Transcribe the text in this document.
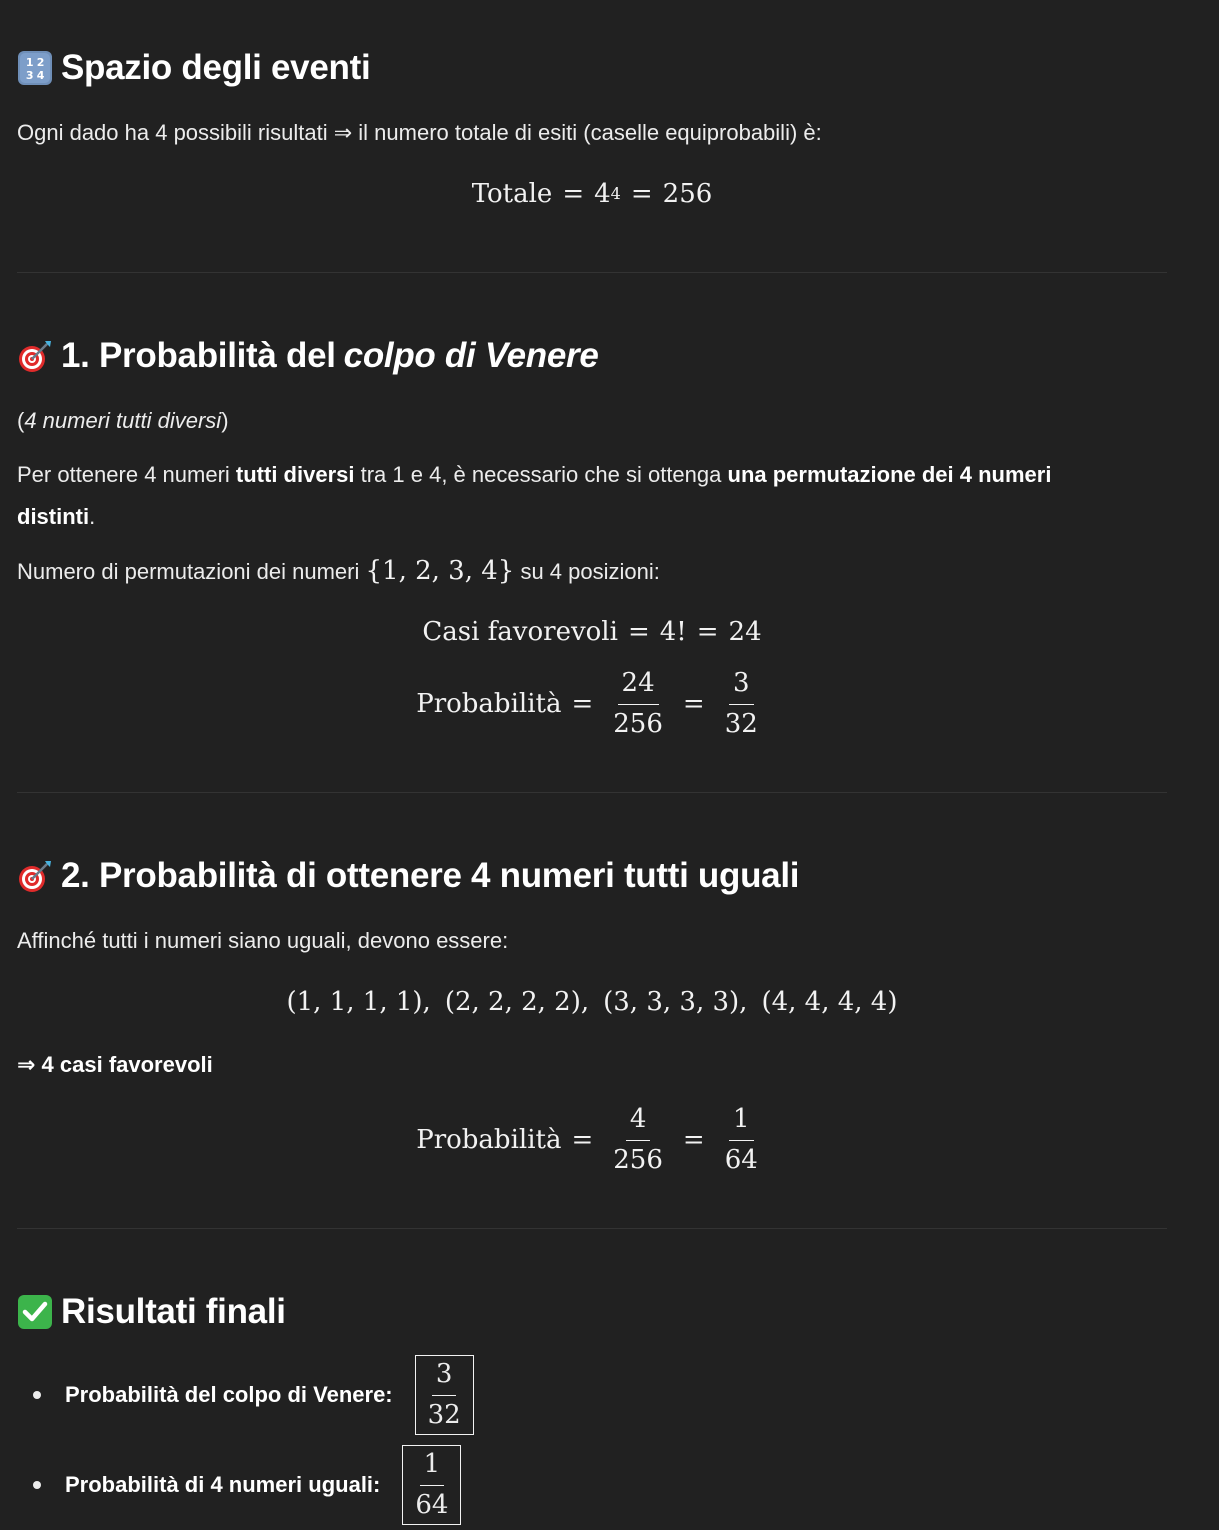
1 2
3 4 Spazio degli eventi

Ogni dado ha 4 possibili risultati ⇒ il numero totale di esiti (caselle equiprobabili) è:

Totale = 4 4 = 256
1. Probabilità del colpo di Venere

(4 numeri tutti diversi)

Per ottenere 4 numeri tutti diversi tra 1 e 4, è necessario che si ottenga una permutazione dei 4 numeri
distinti.

Numero di permutazioni dei numeri {1, 2, 3, 4} su 4 posizioni:

Casi favorevoli = 4! = 24
Probabilità = $\frac{24}{256} = \frac{3}{32}$
2. Probabilità di ottenere 4 numeri tutti uguali

Affinché tutti i numeri siano uguali, devono essere:

(1, 1, 1, 1), (2, 2, 2, 2), (3, 3, 3, 3), (4, 4, 4, 4)

⇒ 4 casi favorevoli

Probabilità = $\frac{4}{256} = \frac{1}{64}$
Risultati finali
Probabilità del colpo di Venere: $\frac{3}{32}$
Probabilità di 4 numeri uguali: $\frac{1}{64}$
